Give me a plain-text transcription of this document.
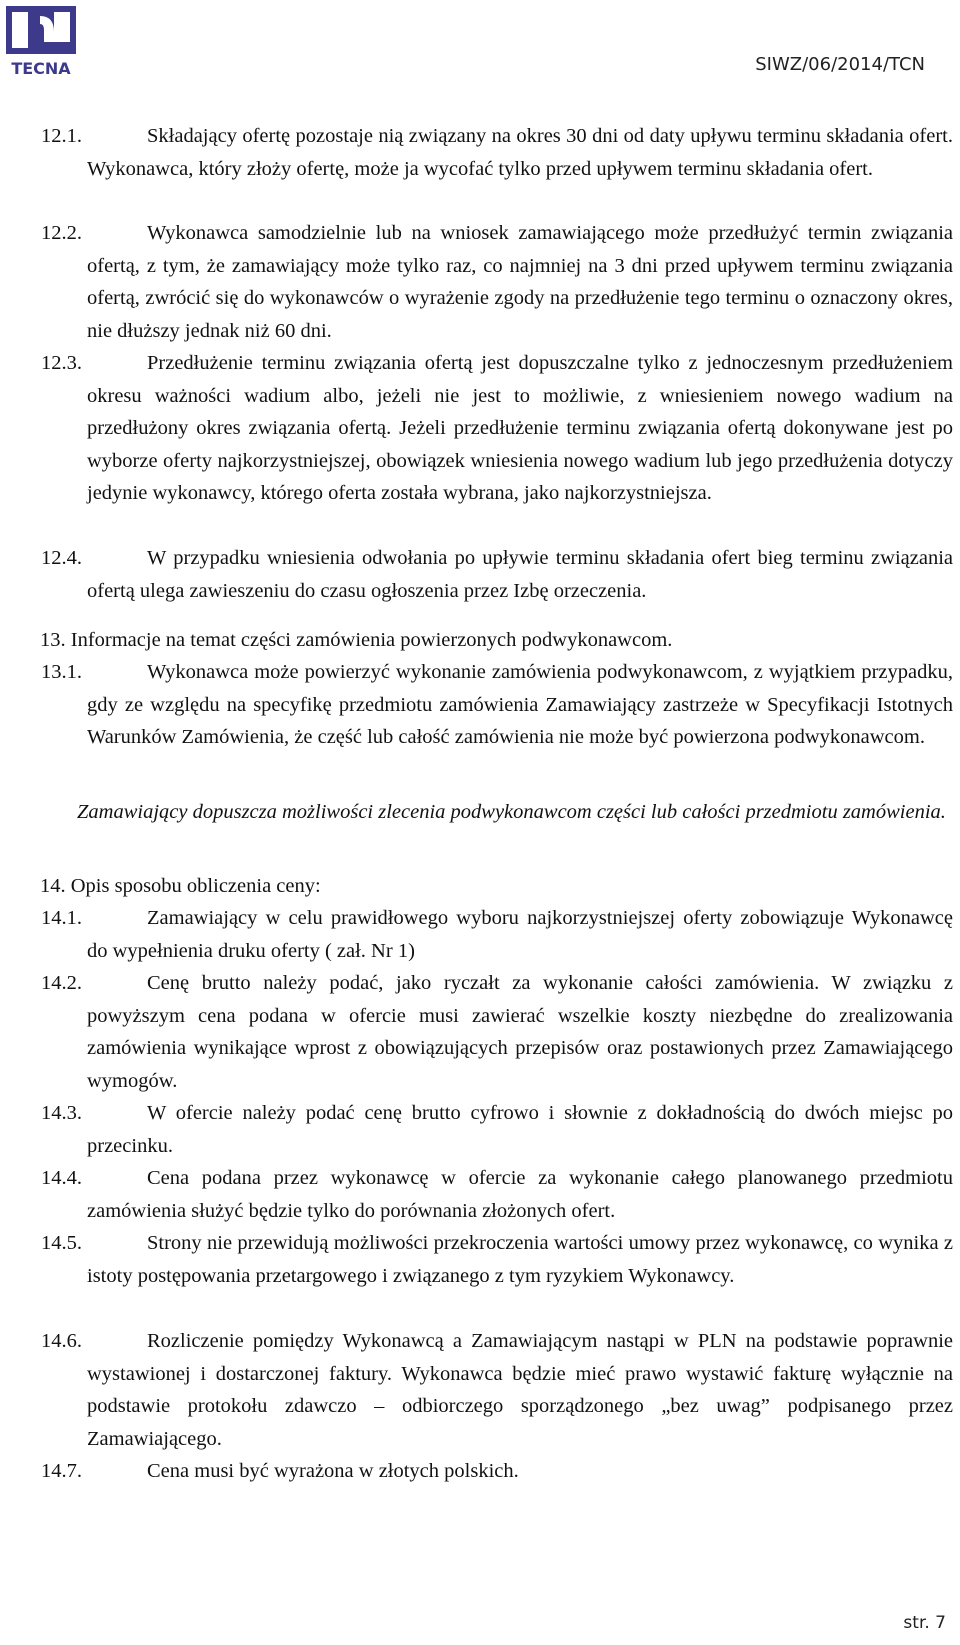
TECNA	SIWZ/06/2014/TCN
12.1.	Składający ofertę pozostaje nią związany na okres 30 dni od daty upływu terminu składania ofert. Wykonawca, który złoży ofertę, może ja wycofać tylko przed upływem terminu składania ofert.
12.2.	Wykonawca samodzielnie lub na wniosek zamawiającego może przedłużyć termin związania ofertą, z tym, że zamawiający może tylko raz, co najmniej na 3 dni przed upływem terminu związania ofertą, zwrócić się do wykonawców o wyrażenie zgody na przedłużenie tego terminu o oznaczony okres, nie dłuższy jednak niż 60 dni.
12.3.	Przedłużenie terminu związania ofertą jest dopuszczalne tylko z jednoczesnym przedłużeniem okresu ważności wadium albo, jeżeli nie jest to możliwie, z wniesieniem nowego wadium na przedłużony okres związania ofertą. Jeżeli przedłużenie terminu związania ofertą dokonywane jest po wyborze oferty najkorzystniejszej, obowiązek wniesienia nowego wadium lub jego przedłużenia dotyczy jedynie wykonawcy, którego oferta została wybrana, jako najkorzystniejsza.
12.4.	W przypadku wniesienia odwołania po upływie terminu składania ofert bieg terminu związania ofertą ulega zawieszeniu do czasu ogłoszenia przez Izbę orzeczenia.
13. Informacje na temat części zamówienia powierzonych podwykonawcom.
13.1.	Wykonawca może powierzyć wykonanie zamówienia podwykonawcom, z wyjątkiem przypadku, gdy ze względu na specyfikę przedmiotu zamówienia Zamawiający zastrzeże w Specyfikacji Istotnych Warunków Zamówienia, że część lub całość zamówienia nie może być powierzona podwykonawcom.
Zamawiający dopuszcza możliwości zlecenia podwykonawcom części lub całości przedmiotu zamówienia.
14. Opis sposobu obliczenia ceny:
14.1.	Zamawiający w celu prawidłowego wyboru najkorzystniejszej oferty zobowiązuje Wykonawcę do wypełnienia druku oferty ( zał. Nr 1)
14.2.	Cenę brutto należy podać, jako ryczałt za wykonanie całości zamówienia. W związku z powyższym cena podana w ofercie musi zawierać wszelkie koszty niezbędne do zrealizowania zamówienia wynikające wprost z obowiązujących przepisów oraz postawionych przez Zamawiającego wymogów.
14.3.	W ofercie należy podać cenę brutto cyfrowo i słownie z dokładnością do dwóch miejsc po przecinku.
14.4.	Cena podana przez wykonawcę w ofercie za wykonanie całego planowanego przedmiotu zamówienia służyć będzie tylko do porównania złożonych ofert.
14.5.	Strony nie przewidują możliwości przekroczenia wartości umowy przez wykonawcę, co wynika z istoty postępowania przetargowego i związanego z tym ryzykiem Wykonawcy.
14.6.	Rozliczenie pomiędzy Wykonawcą a Zamawiającym nastąpi w PLN na podstawie poprawnie wystawionej i dostarczonej faktury. Wykonawca będzie mieć prawo wystawić fakturę wyłącznie na podstawie protokołu zdawczo – odbiorczego sporządzonego „bez uwag” podpisanego przez Zamawiającego.
14.7.	Cena musi być wyrażona w złotych polskich.
str. 7
